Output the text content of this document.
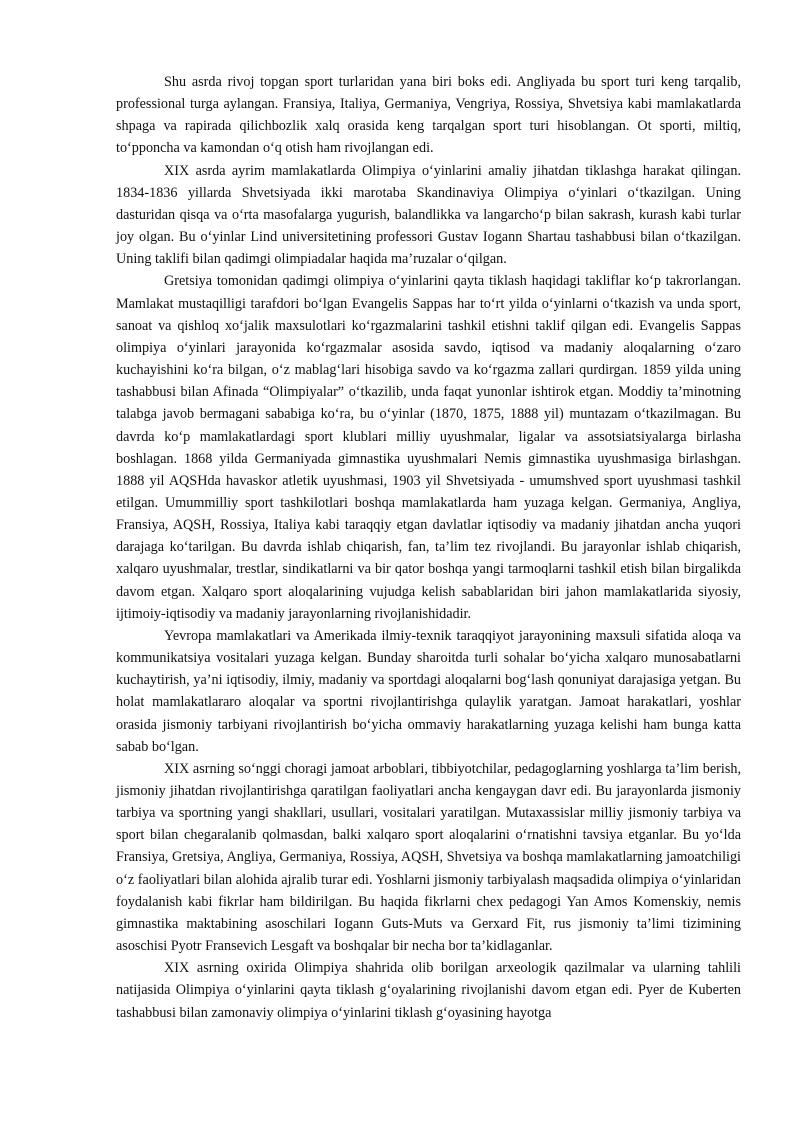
Shu asrda rivoj topgan sport turlaridan yana biri boks edi. Angliyada bu sport turi keng tarqalib, professional turga aylangan. Fransiya, Italiya, Germaniya, Vengriya, Rossiya, Shvetsiya kabi mamlakatlarda shpaga va rapirada qilichbozlik xalq orasida keng tarqalgan sport turi hisoblangan. Ot sporti, miltiq, to‘pponcha va kamondan o‘q otish ham rivojlangan edi.

XIX asrda ayrim mamlakatlarda Olimpiya o‘yinlarini amaliy jihatdan tiklashga harakat qilingan. 1834-1836 yillarda Shvetsiyada ikki marotaba Skandinaviya Olimpiya o‘yinlari o‘tkazilgan. Uning dasturidan qisqa va o‘rta masofalarga yugurish, balandlikka va langarcho‘p bilan sakrash, kurash kabi turlar joy olgan. Bu o‘yinlar Lind universitetining professori Gustav Iogann Shartau tashabbusi bilan o‘tkazilgan. Uning taklifi bilan qadimgi olimpiadalar haqida ma’ruzalar o‘qilgan.

Gretsiya tomonidan qadimgi olimpiya o‘yinlarini qayta tiklash haqidagi takliflar ko‘p takrorlangan. Mamlakat mustaqilligi tarafdori bo‘lgan Evangelis Sappas har to‘rt yilda o‘yinlarni o‘tkazish va unda sport, sanoat va qishloq xo‘jalik maxsulotlari ko‘rgazmalarini tashkil etishni taklif qilgan edi. Evangelis Sappas olimpiya o‘yinlari jarayonida ko‘rgazmalar asosida savdo, iqtisod va madaniy aloqalarning o‘zaro kuchayishini ko‘ra bilgan, o‘z mablag‘lari hisobiga savdo va ko‘rgazma zallari qurdirgan. 1859 yilda uning tashabbusi bilan Afinada “Olimpiyalar” o‘tkazilib, unda faqat yunonlar ishtirok etgan. Moddiy ta’minotning talabga javob bermagani sababiga ko‘ra, bu o‘yinlar (1870, 1875, 1888 yil) muntazam o‘tkazilmagan. Bu davrda ko‘p mamlakatlardagi sport klublari milliy uyushmalar, ligalar va assotsiatsiyalarga birlasha boshlagan. 1868 yilda Germaniyada gimnastika uyushmalari Nemis gimnastika uyushmasiga birlashgan. 1888 yil AQSHda havaskor atletik uyushmasi, 1903 yil Shvetsiyada - umumshved sport uyushmasi tashkil etilgan. Umummilliy sport tashkilotlari boshqa mamlakatlarda ham yuzaga kelgan. Germaniya, Angliya, Fransiya, AQSH, Rossiya, Italiya kabi taraqqiy etgan davlatlar iqtisodiy va madaniy jihatdan ancha yuqori darajaga ko‘tarilgan. Bu davrda ishlab chiqarish, fan, ta’lim tez rivojlandi. Bu jarayonlar ishlab chiqarish, xalqaro uyushmalar, trestlar, sindikatlarni va bir qator boshqa yangi tarmoqlarni tashkil etish bilan birgalikda davom etgan. Xalqaro sport aloqalarining vujudga kelish sabablaridan biri jahon mamlakatlarida siyosiy, ijtimoiy-iqtisodiy va madaniy jarayonlarning rivojlanishidadir.

Yevropa mamlakatlari va Amerikada ilmiy-texnik taraqqiyot jarayonining maxsuli sifatida aloqa va kommunikatsiya vositalari yuzaga kelgan. Bunday sharoitda turli sohalar bo‘yicha xalqaro munosabatlarni kuchaytirish, ya’ni iqtisodiy, ilmiy, madaniy va sportdagi aloqalarni bog‘lash qonuniyat darajasiga yetgan. Bu holat mamlakatlararo aloqalar va sportni rivojlantirishga qulaylik yaratgan. Jamoat harakatlari, yoshlar orasida jismoniy tarbiyani rivojlantirish bo‘yicha ommaviy harakatlarning yuzaga kelishi ham bunga katta sabab bo‘lgan.

XIX asrning so‘nggi choragi jamoat arboblari, tibbiyotchilar, pedagoglarning yoshlarga ta’lim berish, jismoniy jihatdan rivojlantirishga qaratilgan faoliyatlari ancha kengaygan davr edi. Bu jarayonlarda jismoniy tarbiya va sportning yangi shakllari, usullari, vositalari yaratilgan. Mutaxassislar milliy jismoniy tarbiya va sport bilan chegaralanib qolmasdan, balki xalqaro sport aloqalarini o‘rnatishni tavsiya etganlar. Bu yo‘lda Fransiya, Gretsiya, Angliya, Germaniya, Rossiya, AQSH, Shvetsiya va boshqa mamlakatlarning jamoatchiligi o‘z faoliyatlari bilan alohida ajralib turar edi. Yoshlarni jismoniy tarbiyalash maqsadida olimpiya o‘yinlaridan foydalanish kabi fikrlar ham bildirilgan. Bu haqida fikrlarni chex pedagogi Yan Amos Komenskiy, nemis gimnastika maktabining asoschilari Iogann Guts-Muts va Gerxard Fit, rus jismoniy ta’limi tizimining asoschisi Pyotr Fransevich Lesgaft va boshqalar bir necha bor ta’kidlaganlar.

XIX asrning oxirida Olimpiya shahrida olib borilgan arxeologik qazilmalar va ularning tahlili natijasida Olimpiya o‘yinlarini qayta tiklash g‘oyalarining rivojlanishi davom etgan edi. Pyer de Kuberten tashabbusi bilan zamonaviy olimpiya o‘yinlarini tiklash g‘oyasining hayotga
